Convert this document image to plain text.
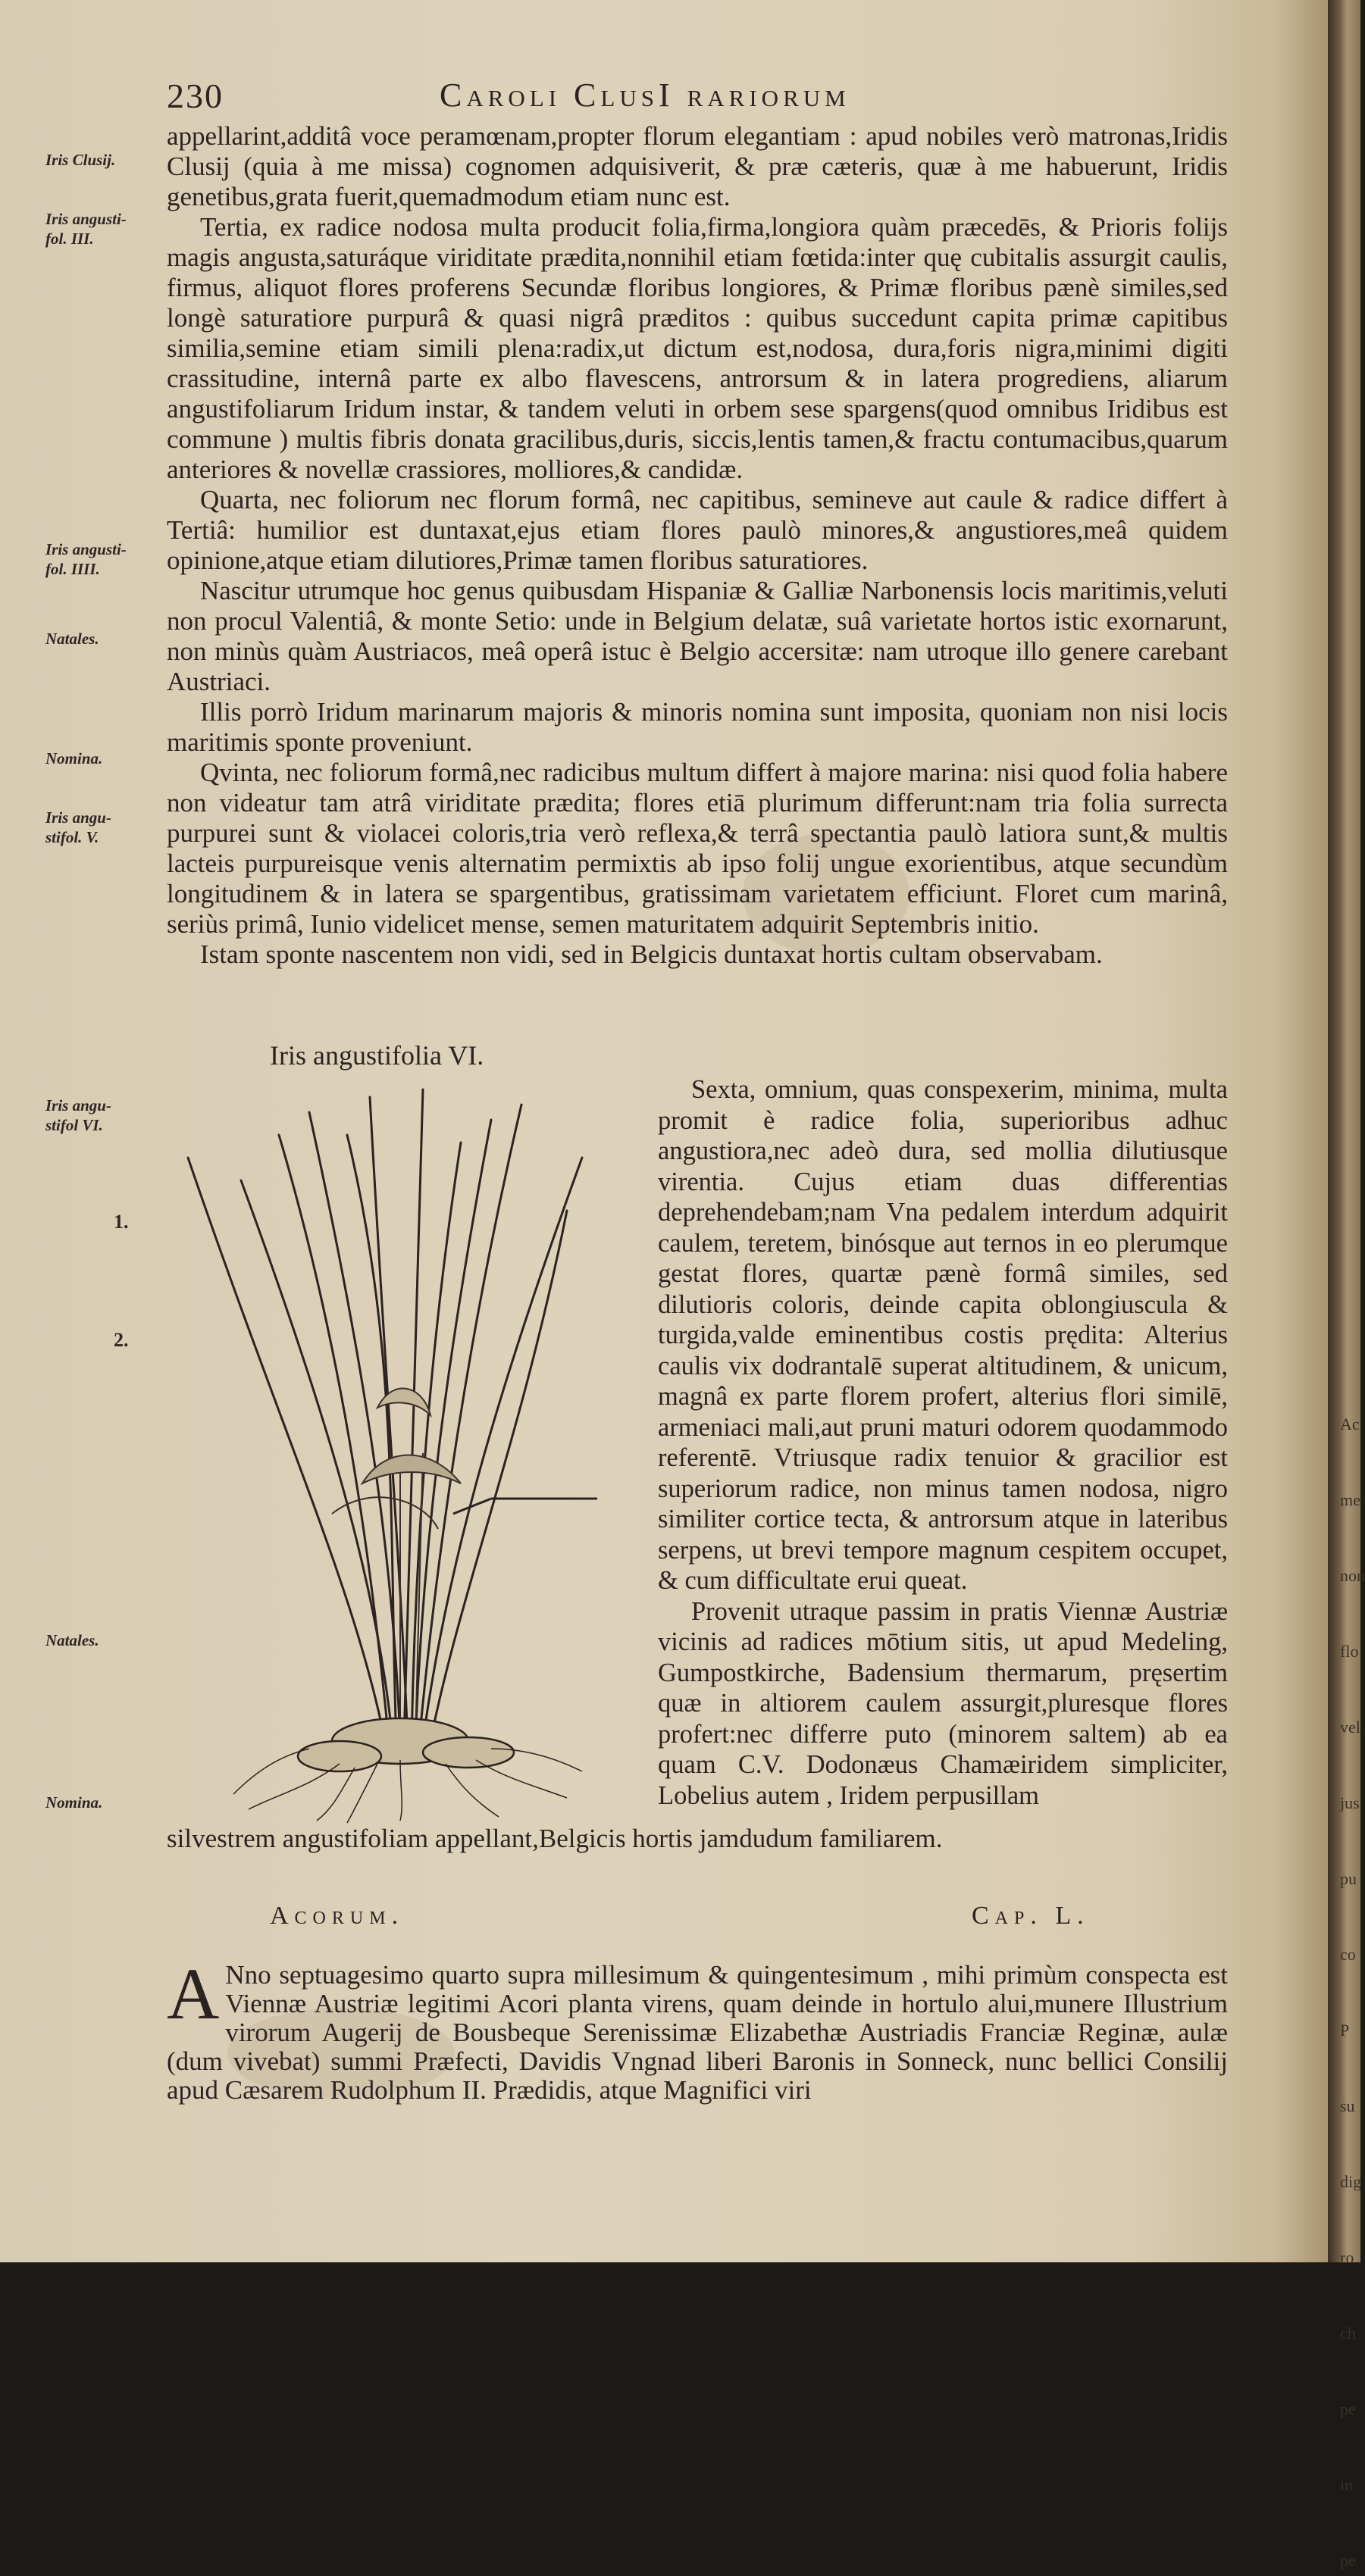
Ac
me
non
flo
vel
jus
pu
co
P
su
dig
ro
ch
pe
in
pe
230	Caroli ClusI rariorum
Iris Clusij.
Iris angusti-fol. III.
Iris angusti-fol. IIII.
Natales.
Nomina.
Iris angu-stifol. V.
Iris angu-stifol VI.
1.
2.
Natales.
Nomina.

appellarint,additâ voce peramœnam,propter florum elegantiam : apud nobiles verò matronas,Iridis Clusij (quia à me missa) cognomen adquisiverit, & præ cæteris, quæ à me habuerunt, Iridis genetibus,grata fuerit,quemadmodum etiam nunc est.

Tertia, ex radice nodosa multa producit folia,firma,longiora quàm præcedēs, & Prioris folijs magis angusta,saturáque viriditate prædita,nonnihil etiam fœtida:inter quę cubitalis assurgit caulis, firmus, aliquot flores proferens Secundæ floribus longiores, & Primæ floribus pænè similes,sed longè saturatiore purpurâ & quasi nigrâ præditos : quibus succedunt capita primæ capitibus similia,semine etiam simili plena:radix,ut dictum est,nodosa, dura,foris nigra,minimi digiti crassitudine, internâ parte ex albo flavescens, antrorsum & in latera progrediens, aliarum angustifoliarum Iridum instar, & tandem veluti in orbem sese spargens(quod omnibus Iridibus est commune ) multis fibris donata gracilibus,duris, siccis,lentis tamen,& fractu contumacibus,quarum anteriores & novellæ crassiores, molliores,& candidæ.

Quarta, nec foliorum nec florum formâ, nec capitibus, semineve aut caule & radice differt à Tertiâ: humilior est duntaxat,ejus etiam flores paulò minores,& angustiores,meâ quidem opinione,atque etiam dilutiores,Primæ tamen floribus saturatiores.

Nascitur utrumque hoc genus quibusdam Hispaniæ & Galliæ Narbonensis locis maritimis,veluti non procul Valentiâ, & monte Setio: unde in Belgium delatæ, suâ varietate hortos istic exornarunt, non minùs quàm Austriacos, meâ operâ istuc è Belgio accersitæ: nam utroque illo genere carebant Austriaci.

Illis porrò Iridum marinarum majoris & minoris nomina sunt imposita, quoniam non nisi locis maritimis sponte proveniunt.

Qvinta, nec foliorum formâ,nec radicibus multum differt à majore marina: nisi quod folia habere non videatur tam atrâ viriditate prædita; flores etiā plurimum differunt:nam tria folia surrecta purpurei sunt & violacei coloris,tria verò reflexa,& terrâ spectantia paulò latiora sunt,& multis lacteis purpureisque venis alternatim permixtis ab ipso folij ungue exorientibus, atque secundùm longitudinem & in latera se spargentibus, gratissimam varietatem efficiunt. Floret cum marinâ, seriùs primâ, Iunio videlicet mense, semen maturitatem adquirit Septembris initio.

Istam sponte nascentem non vidi, sed in Belgicis duntaxat hortis cultam observabam.

Iris angustifolia VI.

Sexta, omnium, quas conspexerim, minima, multa promit è radice folia, superioribus adhuc angustiora,nec adeò dura, sed mollia dilutiusque virentia. Cujus etiam duas differentias deprehendebam;nam Vna pedalem interdum adquirit caulem, teretem, binósque aut ternos in eo plerumque gestat flores, quartæ pænè formâ similes, sed dilutioris coloris, deinde capita oblongiuscula & turgida,valde eminentibus costis prędita: Alterius caulis vix dodrantalē superat altitudinem, & unicum, magnâ ex parte florem profert, alterius flori similē, armeniaci mali,aut pruni maturi odorem quodammodo referentē. Vtriusque radix tenuior & gracilior est superiorum radice, non minus tamen nodosa, nigro similiter cortice tecta, & antrorsum atque in lateribus serpens, ut brevi tempore magnum cespitem occupet, & cum difficultate erui queat.

Provenit utraque passim in pratis Viennæ Austriæ vicinis ad radices mōtium sitis, ut apud Medeling, Gumpostkirche, Badensium thermarum, pręsertim quæ in altiorem caulem assurgit,pluresque flores profert:nec differre puto (minorem saltem) ab ea quam C.V. Dodonæus Chamæiridem simpliciter, Lobelius autem , Iridem perpusillam

silvestrem angustifoliam appellant,Belgicis hortis jamdudum familiarem.
Acorum.	Cap. L.
A Nno septuagesimo quarto supra millesimum & quingentesimum , mihi primùm conspecta est Viennæ Austriæ legitimi Acori planta virens, quam deinde in hortulo alui,munere Illustrium virorum Augerij de Bousbeque Serenissimæ Elizabethæ Austriadis Franciæ Reginæ, aulæ (dum vivebat) summi Præfecti, Davidis Vngnad liberi Baronis in Sonneck, nunc bellici Consilij apud Cæsarem Rudolphum II. Prædidis, atque Magnifici viri
